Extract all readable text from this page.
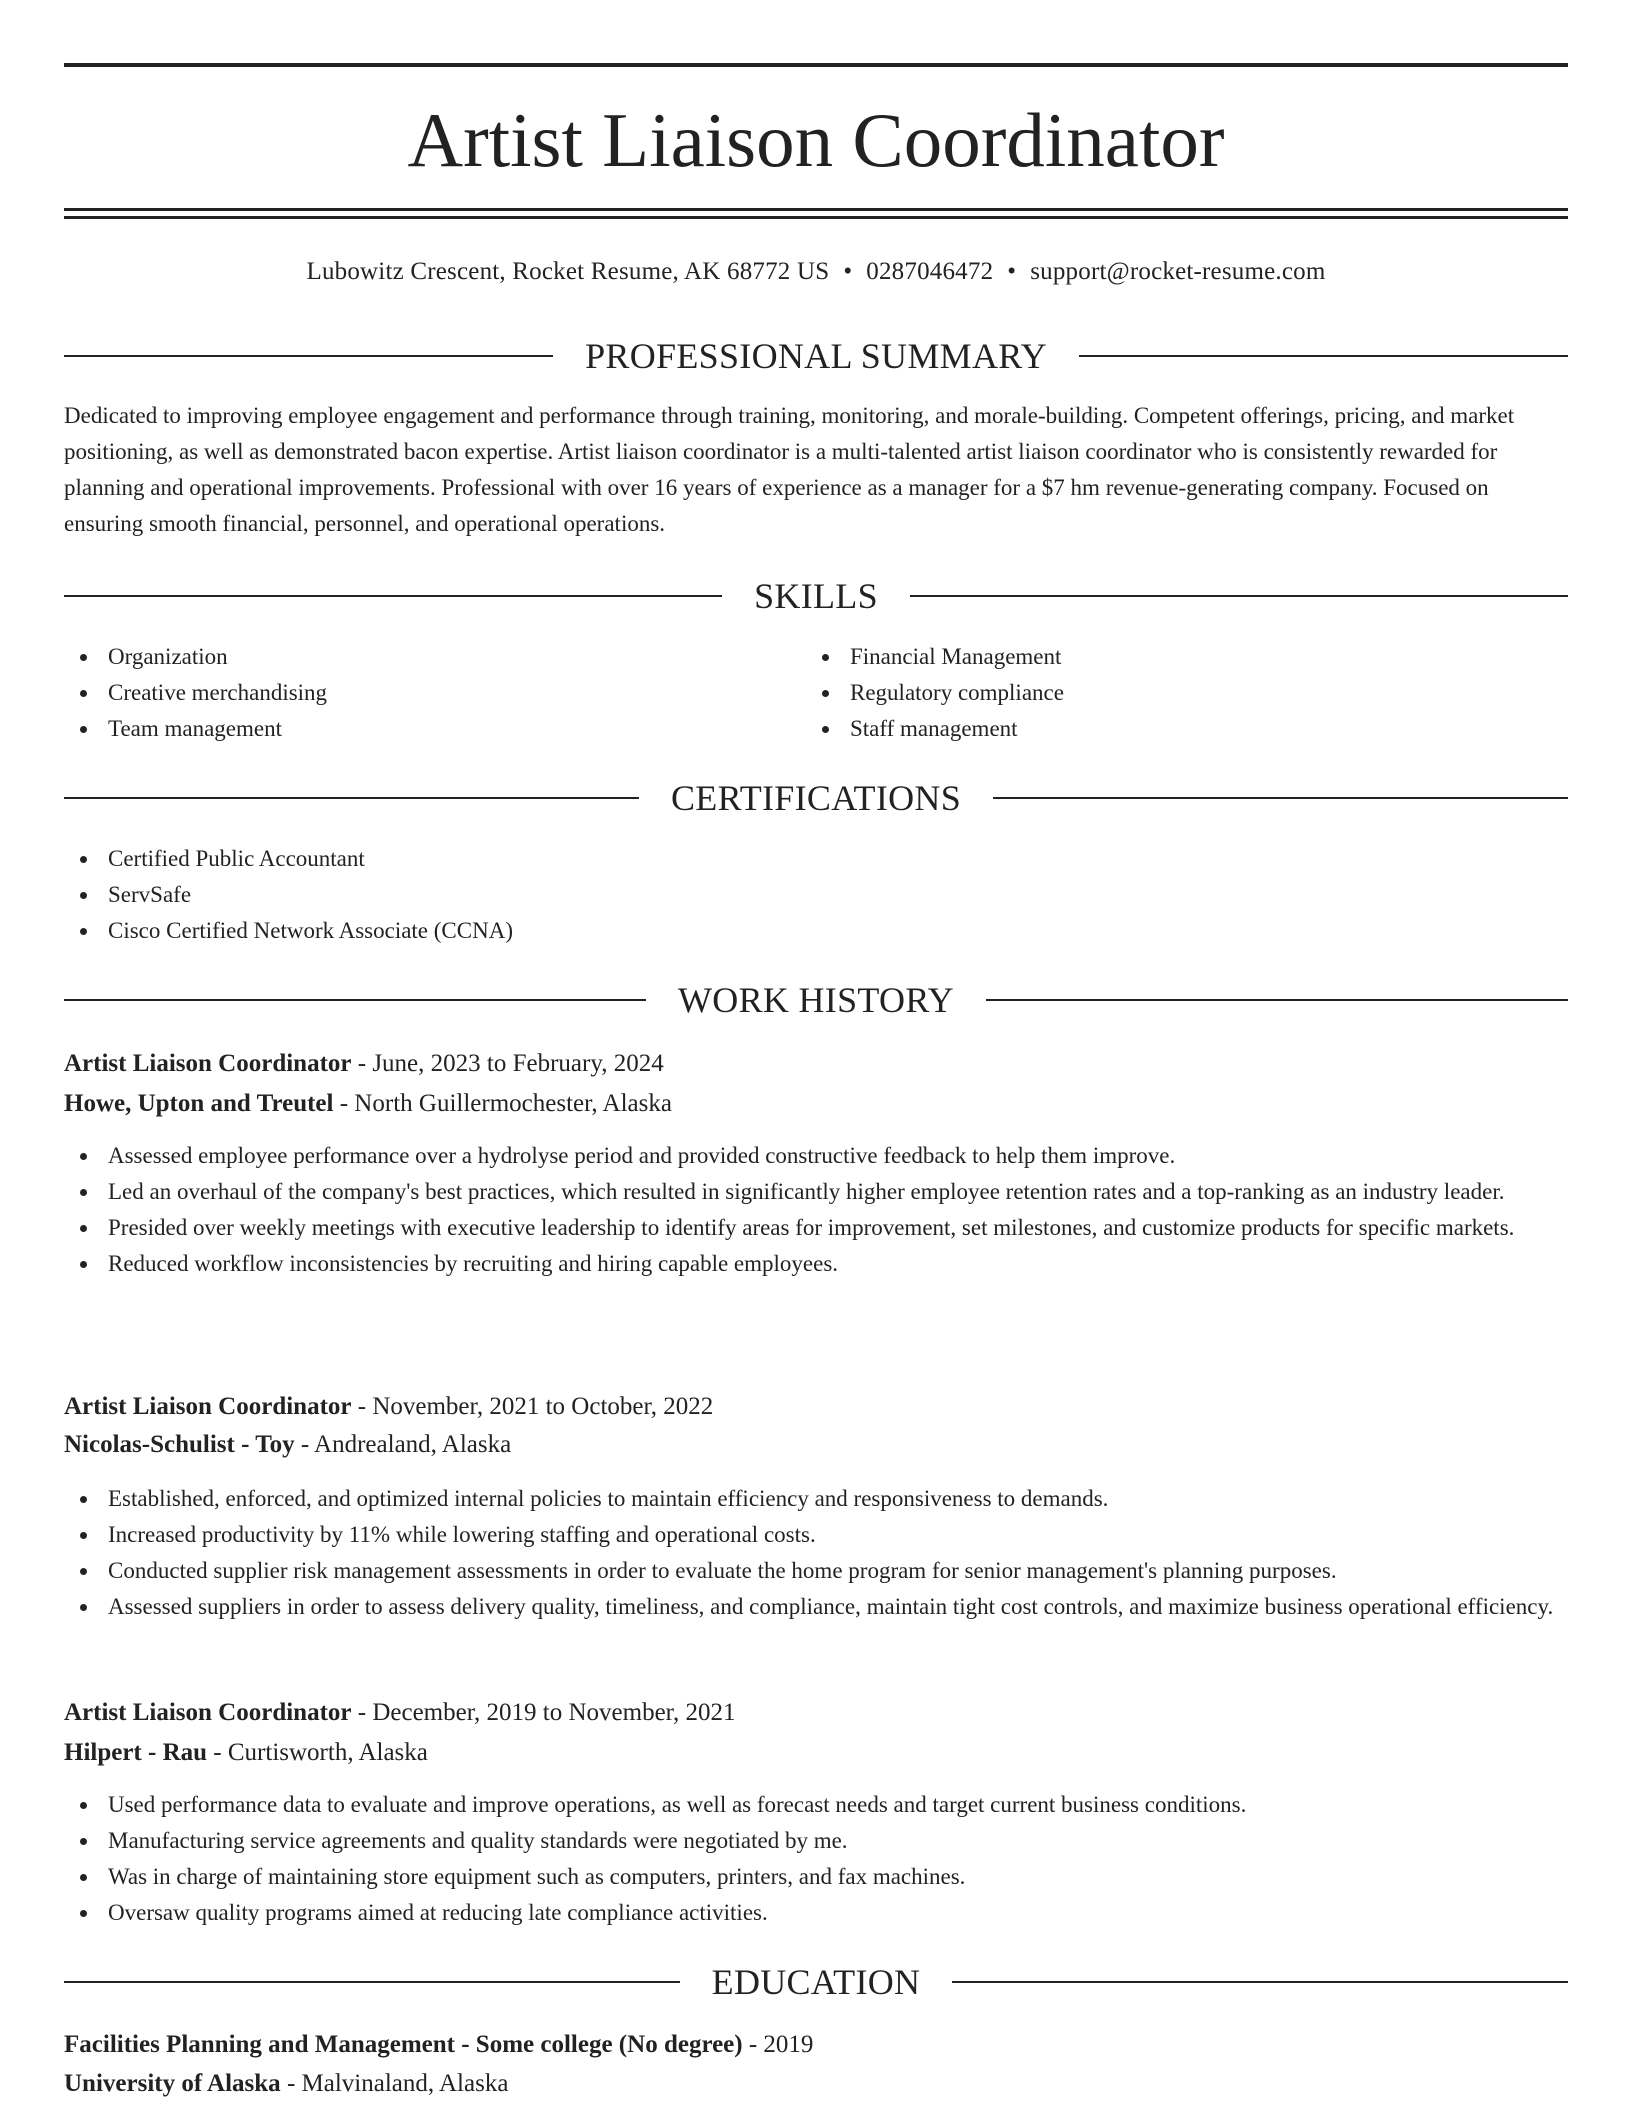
Artist Liaison Coordinator
Lubowitz Crescent, Rocket Resume, AK 68772 US • 0287046472 • support@rocket-resume.com
PROFESSIONAL SUMMARY

Dedicated to improving employee engagement and performance through training, monitoring, and morale-building. Competent offerings, pricing, and market positioning, as well as demonstrated bacon expertise. Artist liaison coordinator is a multi-talented artist liaison coordinator who is consistently rewarded for planning and operational improvements. Professional with over 16 years of experience as a manager for a $7 hm revenue-generating company. Focused on ensuring smooth financial, personnel, and operational operations.

SKILLS
Organization
Creative merchandising
Team management
Financial Management
Regulatory compliance
Staff management
CERTIFICATIONS
Certified Public Accountant
ServSafe
Cisco Certified Network Associate (CCNA)
WORK HISTORY
Artist Liaison Coordinator - June, 2023 to February, 2024
Howe, Upton and Treutel - North Guillermochester, Alaska
Assessed employee performance over a hydrolyse period and provided constructive feedback to help them improve.
Led an overhaul of the company's best practices, which resulted in significantly higher employee retention rates and a top-ranking as an industry leader.
Presided over weekly meetings with executive leadership to identify areas for improvement, set milestones, and customize products for specific markets.
Reduced workflow inconsistencies by recruiting and hiring capable employees.
Artist Liaison Coordinator - November, 2021 to October, 2022
Nicolas-Schulist - Toy - Andrealand, Alaska
Established, enforced, and optimized internal policies to maintain efficiency and responsiveness to demands.
Increased productivity by 11% while lowering staffing and operational costs.
Conducted supplier risk management assessments in order to evaluate the home program for senior management's planning purposes.
Assessed suppliers in order to assess delivery quality, timeliness, and compliance, maintain tight cost controls, and maximize business operational efficiency.
Artist Liaison Coordinator - December, 2019 to November, 2021
Hilpert - Rau - Curtisworth, Alaska
Used performance data to evaluate and improve operations, as well as forecast needs and target current business conditions.
Manufacturing service agreements and quality standards were negotiated by me.
Was in charge of maintaining store equipment such as computers, printers, and fax machines.
Oversaw quality programs aimed at reducing late compliance activities.
EDUCATION
Facilities Planning and Management - Some college (No degree) - 2019
University of Alaska - Malvinaland, Alaska
